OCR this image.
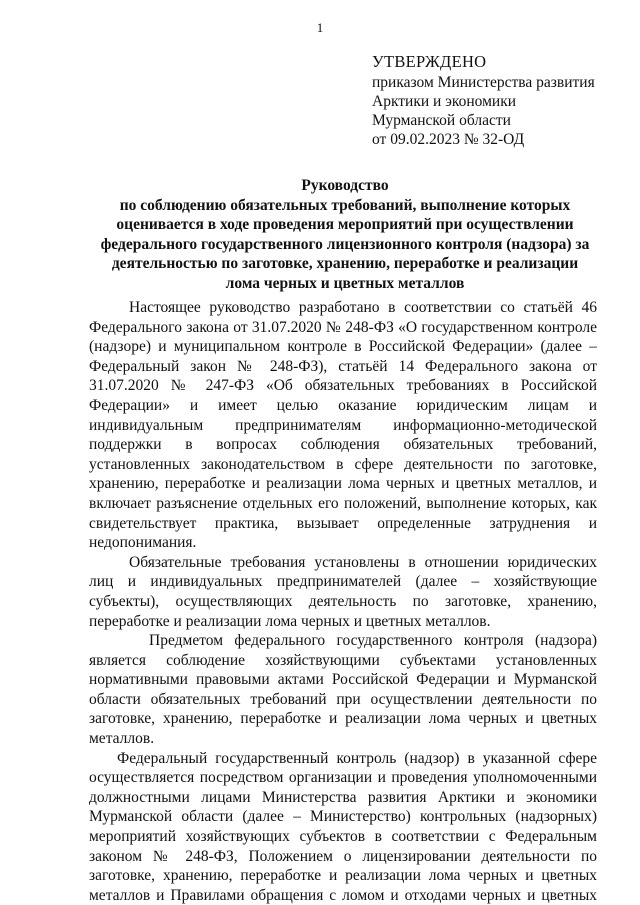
1
УТВЕРЖДЕНО
приказом Министерства развития
Арктики и экономики
Мурманской области
от 09.02.2023 № 32-ОД
Руководство
по соблюдению обязательных требований, выполнение которых
оценивается в ходе проведения мероприятий при осуществлении
федерального государственного лицензионного контроля (надзора) за
деятельностью по заготовке, хранению, переработке и реализации
лома черных и цветных металлов
Настоящее руководство разработано в соответствии со статьёй 46
Федерального закона от 31.07.2020 № 248-ФЗ «О государственном контроле
(надзоре) и муниципальном контроле в Российской Федерации» (далее –
Федеральный закон № 248-ФЗ), статьёй 14 Федерального закона от
31.07.2020 № 247-ФЗ «Об обязательных требованиях в Российской
Федерации» и имеет целью оказание юридическим лицам и
индивидуальным предпринимателям информационно-методической
поддержки в вопросах соблюдения обязательных требований,
установленных законодательством в сфере деятельности по заготовке,
хранению, переработке и реализации лома черных и цветных металлов, и
включает разъяснение отдельных его положений, выполнение которых, как
свидетельствует практика, вызывает определенные затруднения и
недопонимания.
Обязательные требования установлены в отношении юридических
лиц и индивидуальных предпринимателей (далее – хозяйствующие
субъекты), осуществляющих деятельность по заготовке, хранению,
переработке и реализации лома черных и цветных металлов.
Предметом федерального государственного контроля (надзора)
является соблюдение хозяйствующими субъектами установленных
нормативными правовыми актами Российской Федерации и Мурманской
области обязательных требований при осуществлении деятельности по
заготовке, хранению, переработке и реализации лома черных и цветных
металлов.
Федеральный государственный контроль (надзор) в указанной сфере
осуществляется посредством организации и проведения уполномоченными
должностными лицами Министерства развития Арктики и экономики
Мурманской области (далее – Министерство) контрольных (надзорных)
мероприятий хозяйствующих субъектов в соответствии с Федеральным
законом № 248-ФЗ, Положением о лицензировании деятельности по
заготовке, хранению, переработке и реализации лома черных и цветных
металлов и Правилами обращения с ломом и отходами черных и цветных
